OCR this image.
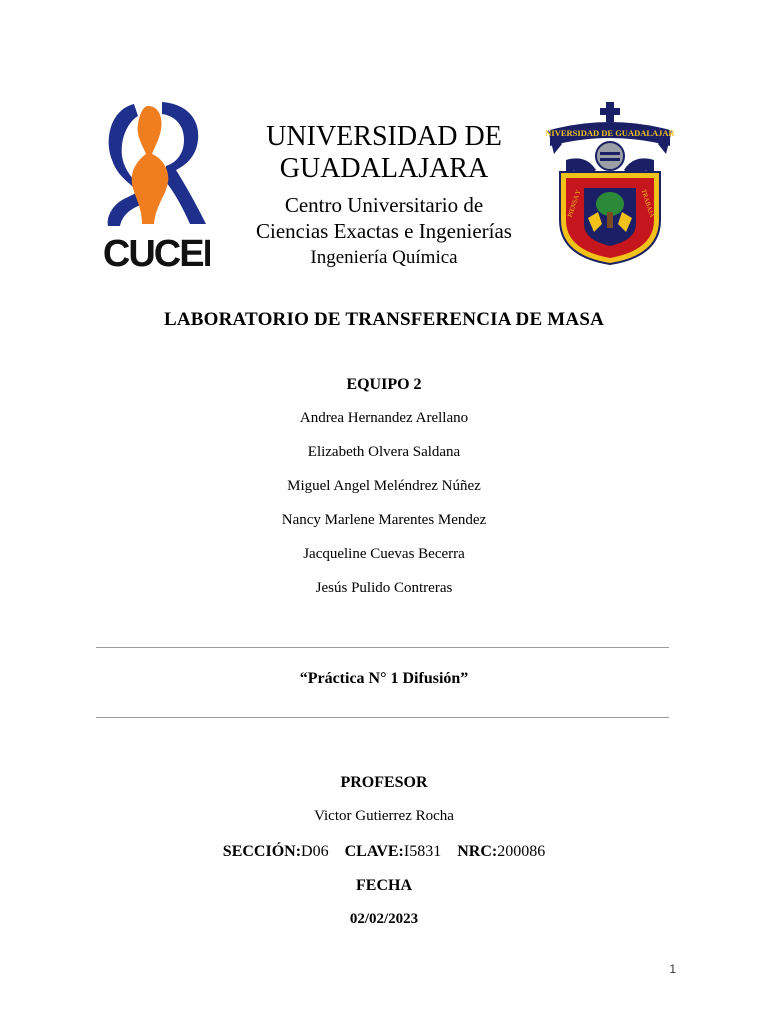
CUCEI
UNIVERSIDAD DE
GUADALAJARA
Centro Universitario de
Ciencias Exactas e Ingenierías
Ingeniería Química
UNIVERSIDAD DE GUADALAJARA
PIENSA Y	TRABAJA
LABORATORIO DE TRANSFERENCIA DE MASA
EQUIPO 2
Andrea Hernandez Arellano
Elizabeth Olvera Saldana
Miguel Angel Meléndrez Núñez
Nancy Marlene Marentes Mendez
Jacqueline Cuevas Becerra
Jesús Pulido Contreras
“Práctica N° 1 Difusión”
PROFESOR
Victor Gutierrez Rocha
SECCIÓN:D06 CLAVE:I5831 NRC:200086
FECHA
02/02/2023
1
